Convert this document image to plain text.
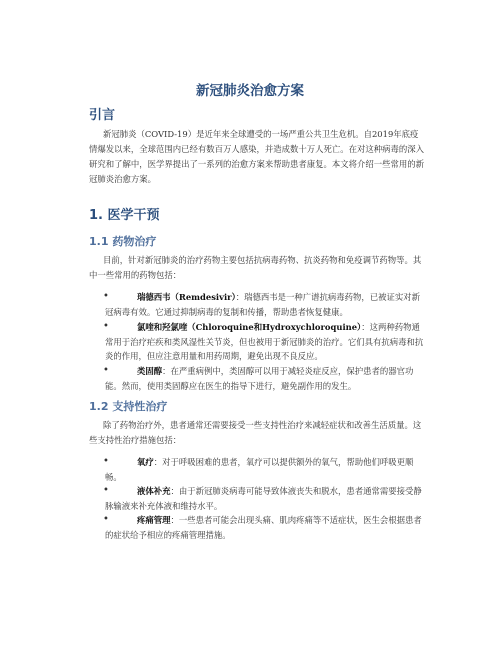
新冠肺炎治愈方案
引言
新冠肺炎（COVID-19）是近年来全球遭受的一场严重公共卫生危机。自2019年底疫情爆发以来，全球范围内已经有数百万人感染，并造成数十万人死亡。在对这种病毒的深入研究和了解中，医学界提出了一系列的治愈方案来帮助患者康复。本文将介绍一些常用的新冠肺炎治愈方案。
1. 医学干预
1.1 药物治疗
目前，针对新冠肺炎的治疗药物主要包括抗病毒药物、抗炎药物和免疫调节药物等。其中一些常用的药物包括：
•	瑞德西韦（Remdesivir）：瑞德西韦是一种广谱抗病毒药物，已被证实对新冠病毒有效。它通过抑制病毒的复制和传播，帮助患者恢复健康。
•	氯喹和羟氯喹（Chloroquine和Hydroxychloroquine）：这两种药物通常用于治疗疟疾和类风湿性关节炎，但也被用于新冠肺炎的治疗。它们具有抗病毒和抗炎的作用，但应注意用量和用药周期，避免出现不良反应。
•	类固醇：在严重病例中，类固醇可以用于减轻炎症反应，保护患者的器官功能。然而，使用类固醇应在医生的指导下进行，避免副作用的发生。
1.2 支持性治疗
除了药物治疗外，患者通常还需要接受一些支持性治疗来减轻症状和改善生活质量。这些支持性治疗措施包括：
•	氧疗：对于呼吸困难的患者，氧疗可以提供额外的氧气，帮助他们呼吸更顺畅。
•	液体补充：由于新冠肺炎病毒可能导致体液丧失和脱水，患者通常需要接受静脉输液来补充体液和维持水平。
•	疼痛管理：一些患者可能会出现头痛、肌肉疼痛等不适症状，医生会根据患者的症状给予相应的疼痛管理措施。
